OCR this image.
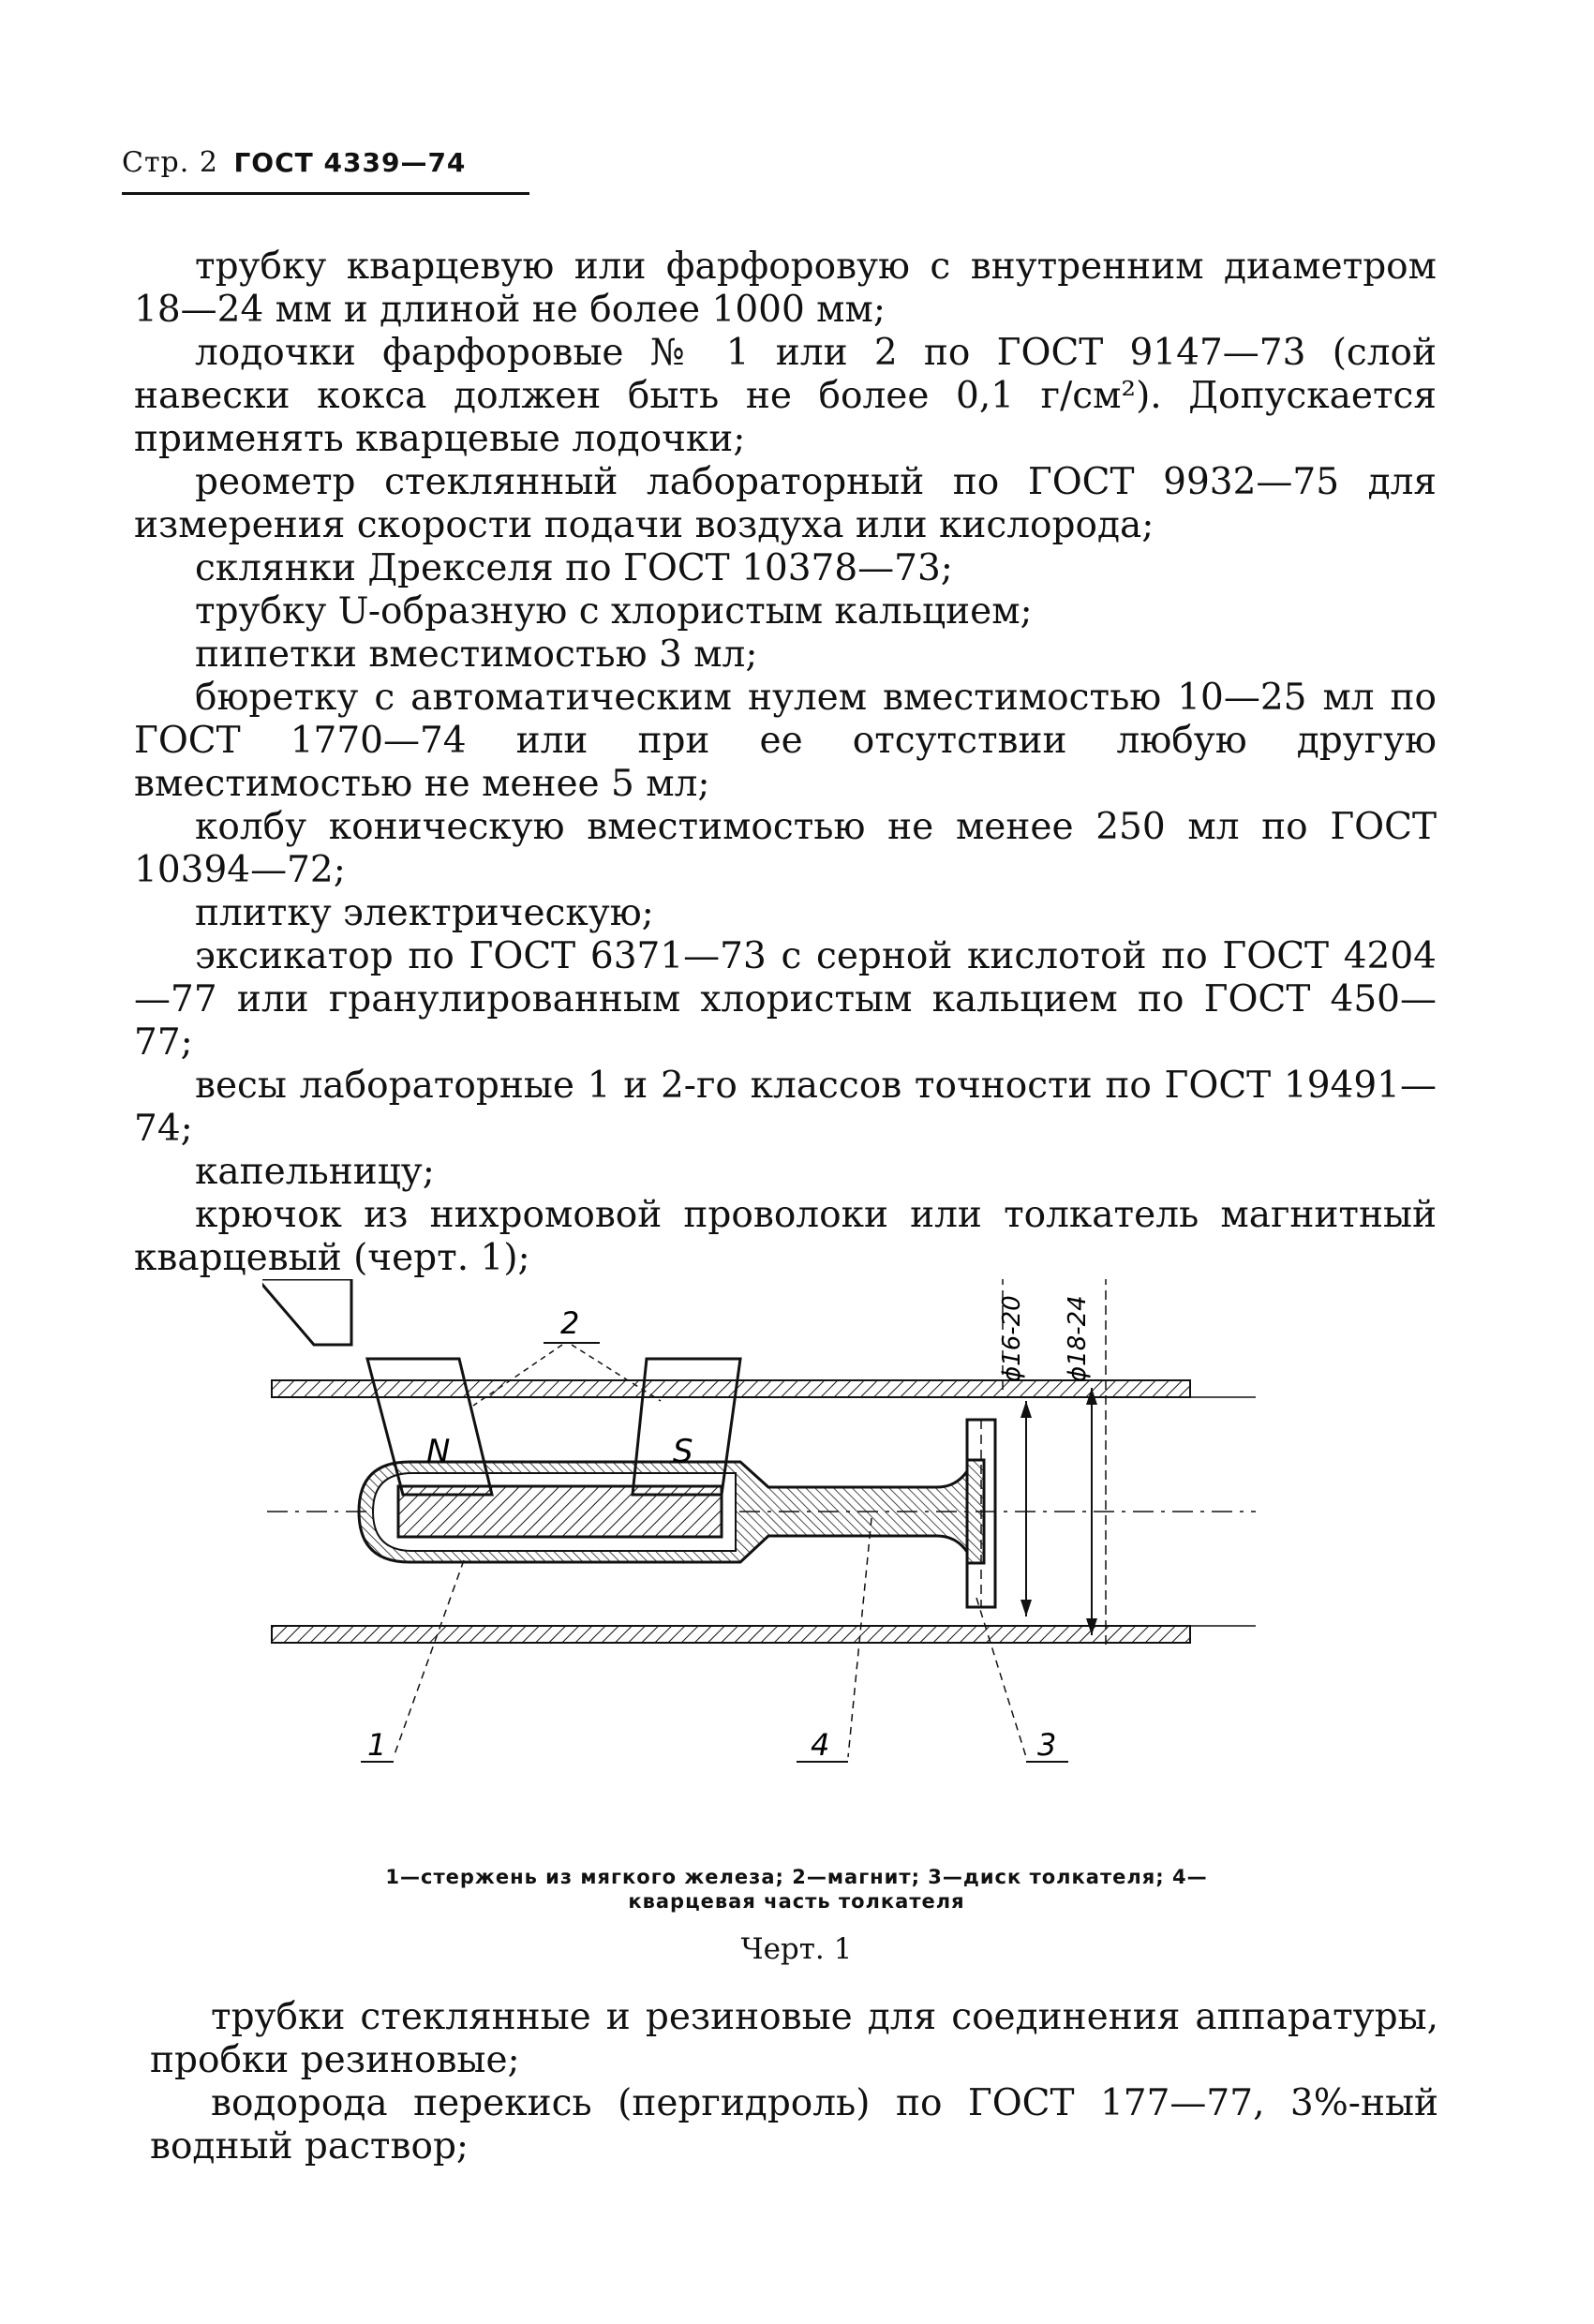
Стр. 2 ГОСТ 4339—74

трубку кварцевую или фарфоровую с внутренним диаметром 18—24 мм и длиной не более 1000 мм;

лодочки фарфоровые № 1 или 2 по ГОСТ 9147—73 (слой навески кокса должен быть не более 0,1 г/см²). Допускается применять кварцевые лодочки;

реометр стеклянный лабораторный по ГОСТ 9932—75 для измерения скорости подачи воздуха или кислорода;

склянки Дрекселя по ГОСТ 10378—73;

трубку U-образную с хлористым кальцием;

пипетки вместимостью 3 мл;

бюретку с автоматическим нулем вместимостью 10—25 мл по ГОСТ 1770—74 или при ее отсутствии любую другую вместимостью не менее 5 мл;

колбу коническую вместимостью не менее 250 мл по ГОСТ 10394—72;

плитку электрическую;

эксикатор по ГОСТ 6371—73 с серной кислотой по ГОСТ 4204—77 или гранулированным хлористым кальцием по ГОСТ 450—77;

весы лабораторные 1 и 2-го классов точности по ГОСТ 19491—74;

капельницу;

крючок из нихромовой проволоки или толкатель магнитный кварцевый (черт. 1);

1	4	3
ϕ16-20 ϕ18-24
N	S
2
1—стержень из мягкого железа; 2—магнит; 3—диск толкателя; 4—
кварцевая часть толкателя
Черт. 1

трубки стеклянные и резиновые для соединения аппаратуры, пробки резиновые;

водорода перекись (пергидроль) по ГОСТ 177—77, 3%-ный водный раствор;
